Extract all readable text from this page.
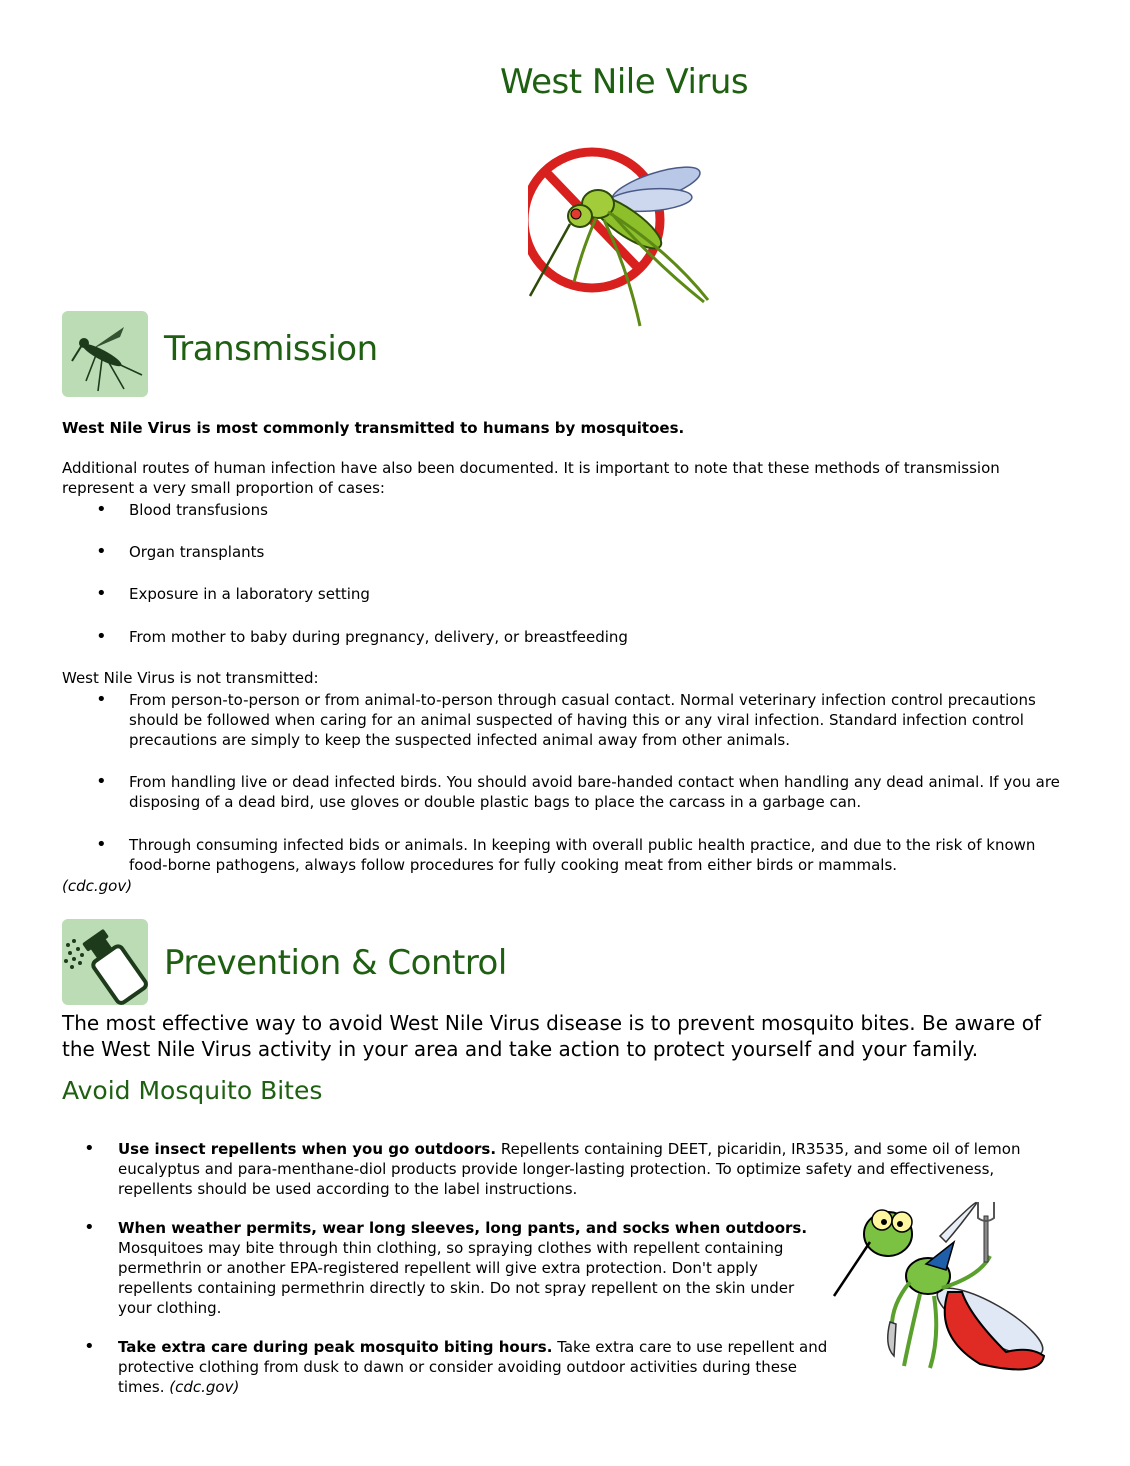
West Nile Virus
Transmission

West Nile Virus is most commonly transmitted to humans by mosquitoes.

Additional routes of human infection have also been documented. It is important to note that these methods of transmission represent a very small proportion of cases:

• Blood transfusions
• Organ transplants
• Exposure in a laboratory setting
• From mother to baby during pregnancy, delivery, or breastfeeding

West Nile Virus is not transmitted:

• From person-to-person or from animal-to-person through casual contact. Normal veterinary infection control precautions should be followed when caring for an animal suspected of having this or any viral infection. Standard infection control precautions are simply to keep the suspected infected animal away from other animals.
• From handling live or dead infected birds. You should avoid bare-handed contact when handling any dead animal. If you are disposing of a dead bird, use gloves or double plastic bags to place the carcass in a garbage can.
• Through consuming infected bids or animals. In keeping with overall public health practice, and due to the risk of known food-borne pathogens, always follow procedures for fully cooking meat from either birds or mammals.

(cdc.gov)

Prevention & Control

The most effective way to avoid West Nile Virus disease is to prevent mosquito bites. Be aware of the West Nile Virus activity in your area and take action to protect yourself and your family.

Avoid Mosquito Bites
• Use insect repellents when you go outdoors. Repellents containing DEET, picaridin, IR3535, and some oil of lemon eucalyptus and para-menthane-diol products provide longer-lasting protection. To optimize safety and effectiveness, repellents should be used according to the label instructions.
• When weather permits, wear long sleeves, long pants, and socks when outdoors. Mosquitoes may bite through thin clothing, so spraying clothes with repellent containing permethrin or another EPA-registered repellent will give extra protection. Don't apply repellents containing permethrin directly to skin. Do not spray repellent on the skin under your clothing.
• Take extra care during peak mosquito biting hours. Take extra care to use repellent and protective clothing from dusk to dawn or consider avoiding outdoor activities during these times. (cdc.gov)
